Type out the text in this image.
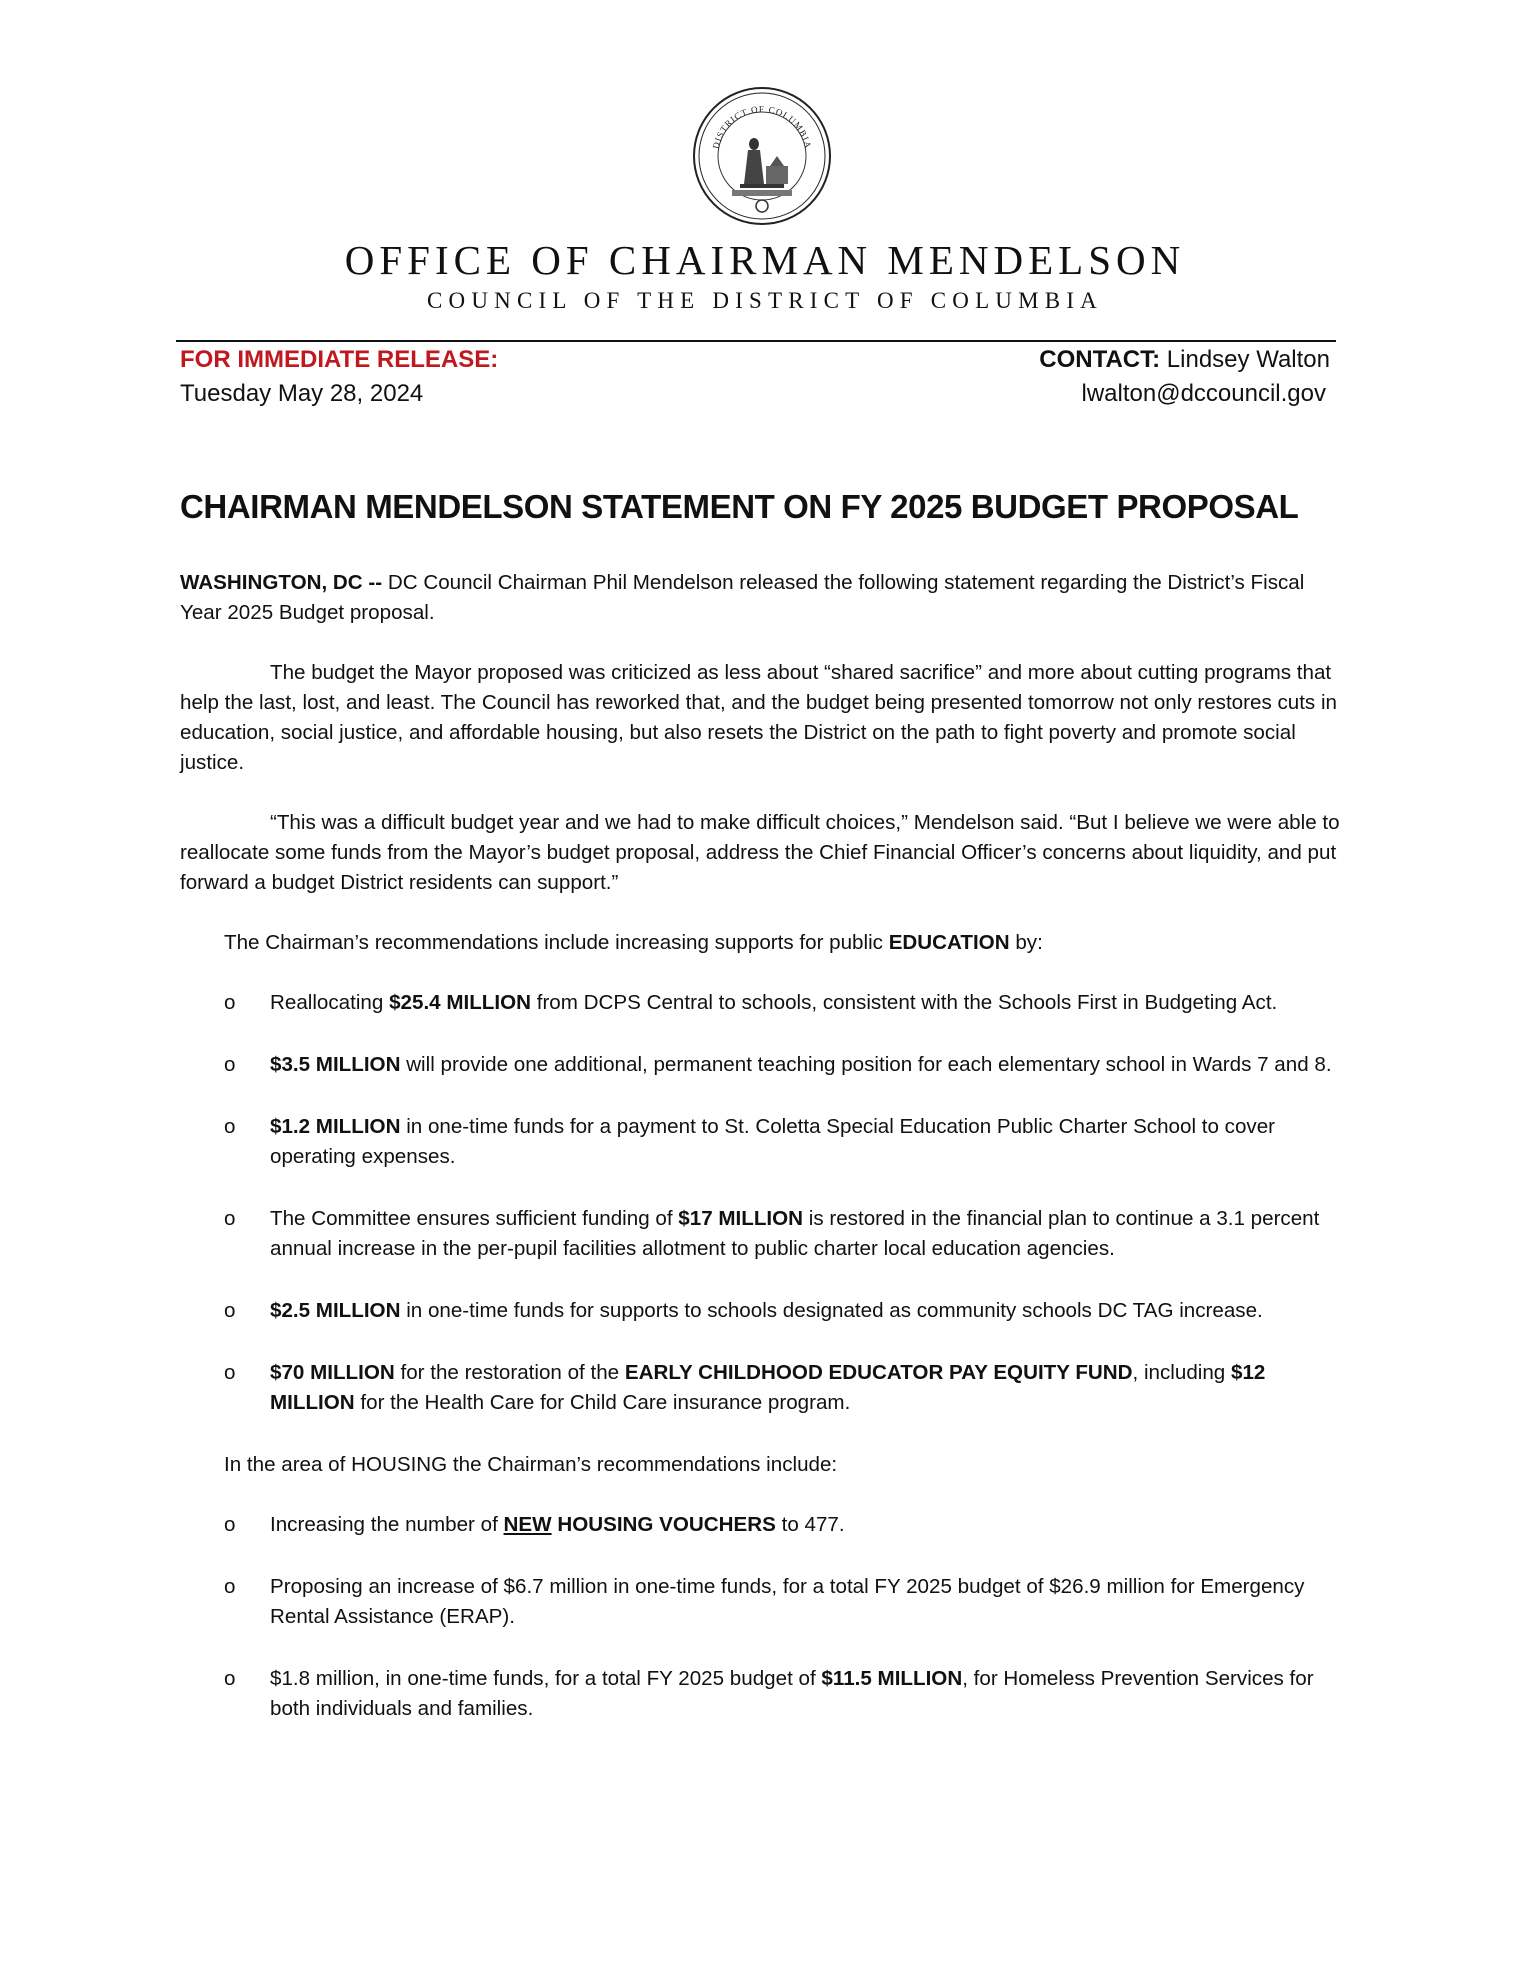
DISTRICT OF COLUMBIA
OFFICE OF CHAIRMAN MENDELSON
COUNCIL OF THE DISTRICT OF COLUMBIA
FOR IMMEDIATE RELEASE:
Tuesday May 28, 2024
CONTACT: Lindsey Walton
lwalton@dccouncil.gov
CHAIRMAN MENDELSON STATEMENT ON FY 2025 BUDGET PROPOSAL

WASHINGTON, DC -- DC Council Chairman Phil Mendelson released the following statement regarding the District’s Fiscal Year 2025 Budget proposal.

The budget the Mayor proposed was criticized as less about “shared sacrifice” and more about cutting programs that help the last, lost, and least. The Council has reworked that, and the budget being presented tomorrow not only restores cuts in education, social justice, and affordable housing, but also resets the District on the path to fight poverty and promote social justice.

“This was a difficult budget year and we had to make difficult choices,” Mendelson said. “But I believe we were able to reallocate some funds from the Mayor’s budget proposal, address the Chief Financial Officer’s concerns about liquidity, and put forward a budget District residents can support.”

The Chairman’s recommendations include increasing supports for public EDUCATION by:

o Reallocating $25.4 MILLION from DCPS Central to schools, consistent with the Schools First in Budgeting Act.

o $3.5 MILLION will provide one additional, permanent teaching position for each elementary school in Wards 7 and 8.

o $1.2 MILLION in one-time funds for a payment to St. Coletta Special Education Public Charter School to cover operating expenses.

o The Committee ensures sufficient funding of $17 MILLION is restored in the financial plan to continue a 3.1 percent annual increase in the per-pupil facilities allotment to public charter local education agencies.

o $2.5 MILLION in one-time funds for supports to schools designated as community schools DC TAG increase.

o $70 MILLION for the restoration of the EARLY CHILDHOOD EDUCATOR PAY EQUITY FUND, including $12 MILLION for the Health Care for Child Care insurance program.

In the area of HOUSING the Chairman’s recommendations include:

o Increasing the number of NEW HOUSING VOUCHERS to 477.

o Proposing an increase of $6.7 million in one-time funds, for a total FY 2025 budget of $26.9 million for Emergency Rental Assistance (ERAP).

o $1.8 million, in one-time funds, for a total FY 2025 budget of $11.5 MILLION, for Homeless Prevention Services for both individuals and families.
